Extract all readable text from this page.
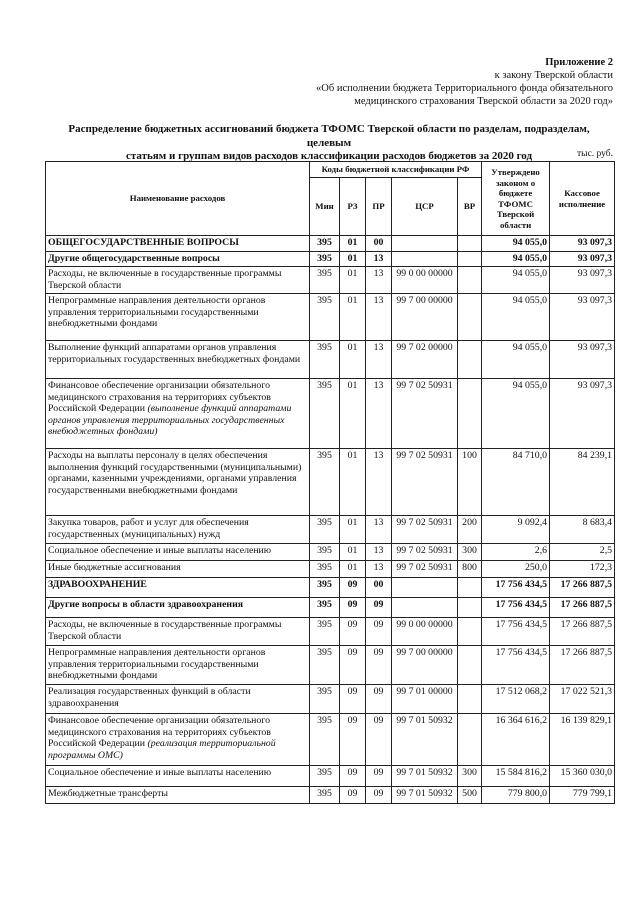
Приложение 2
к закону Тверской области
«Об исполнении бюджета Территориального фонда обязательного
медицинского страхования Тверской области за 2020 год»
Распределение бюджетных ассигнований бюджета ТФОМС Тверской области по разделам, подразделам, целевым
статьям и группам видов расходов классификации расходов бюджетов за 2020 год	тыс. руб.
Наименование расходов	Коды бюджетной классификации РФ					Утверждено законом о бюджете ТФОМС Тверской области	Кассовое исполнение
	Мин	РЗ	ПР	ЦСР	ВР		
ОБЩЕГОСУДАРСТВЕННЫЕ ВОПРОСЫ	395	01	00			94 055,0	93 097,3
Другие общегосударственные вопросы	395	01	13			94 055,0	93 097,3
Расходы, не включенные в государственные программы Тверской области	395	01	13	99 0 00 00000		94 055,0	93 097,3
Непрограммные направления деятельности органов управления территориальными государственными внебюджетными фондами	395	01	13	99 7 00 00000		94 055,0	93 097,3
Выполнение функций аппаратами органов управления территориальных государственных внебюджетных фондами	395	01	13	99 7 02 00000		94 055,0	93 097,3
Финансовое обеспечение организации обязательного медицинского страхования на территориях субъектов Российской Федерации (выполнение функций аппаратами органов управления территориальных государственных внебюджетных фондами)	395	01	13	99 7 02 50931		94 055,0	93 097,3
Расходы на выплаты персоналу в целях обеспечения выполнения функций государственными (муниципальными) органами, казенными учреждениями, органами управления государственными внебюджетными фондами	395	01	13	99 7 02 50931	100	84 710,0	84 239,1
Закупка товаров, работ и услуг для обеспечения государственных (муниципальных) нужд	395	01	13	99 7 02 50931	200	9 092,4	8 683,4
Социальное обеспечение и иные выплаты населению	395	01	13	99 7 02 50931	300	2,6	2,5
Иные бюджетные ассигнования	395	01	13	99 7 02 50931	800	250,0	172,3
ЗДРАВООХРАНЕНИЕ	395	09	00			17 756 434,5	17 266 887,5
Другие вопросы в области здравоохранения	395	09	09			17 756 434,5	17 266 887,5
Расходы, не включенные в государственные программы Тверской области	395	09	09	99 0 00 00000		17 756 434,5	17 266 887,5
Непрограммные направления деятельности органов управления территориальными государственными внебюджетными фондами	395	09	09	99 7 00 00000		17 756 434,5	17 266 887,5
Реализация государственных функций в области здравоохранения	395	09	09	99 7 01 00000		17 512 068,2	17 022 521,3
Финансовое обеспечение организации обязательного медицинского страхования на территориях субъектов Российской Федерации (реализация территориальной программы ОМС)	395	09	09	99 7 01 50932		16 364 616,2	16 139 829,1
Социальное обеспечение и иные выплаты населению	395	09	09	99 7 01 50932	300	15 584 816,2	15 360 030,0
Межбюджетные трансферты	395	09	09	99 7 01 50932	500	779 800,0	779 799,1
